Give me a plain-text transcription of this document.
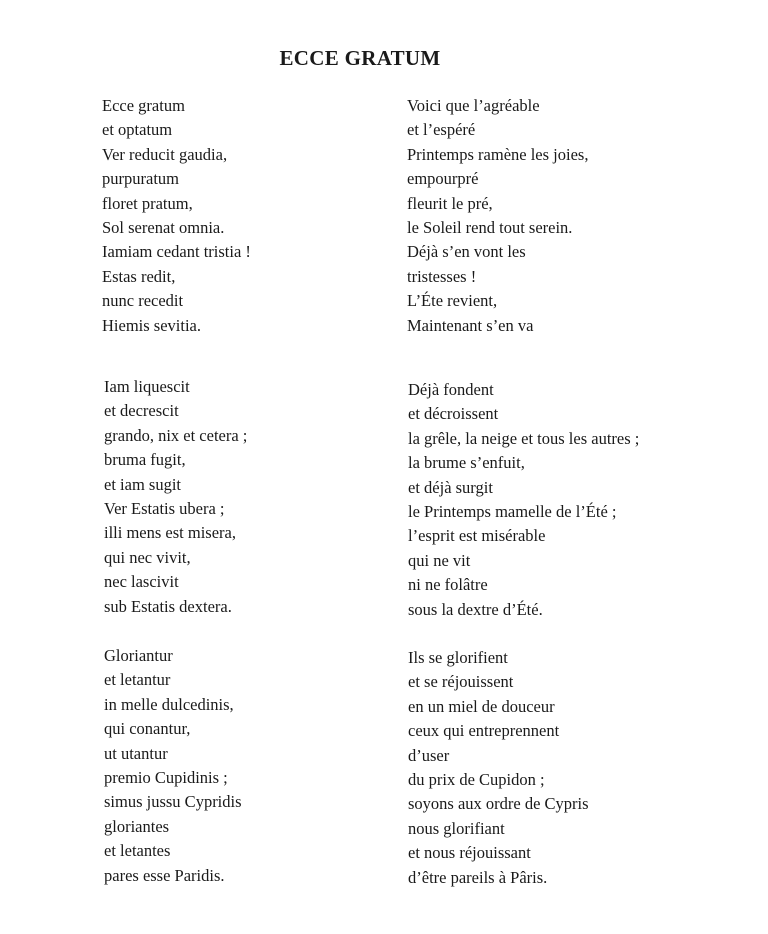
ECCE GRATUM
Ecce gratum
et optatum
Ver reducit gaudia,
purpuratum
floret pratum,
Sol serenat omnia.
Iamiam cedant tristia !
Estas redit,
nunc recedit
Hiemis sevitia.
Iam liquescit
et decrescit
grando, nix et cetera ;
bruma fugit,
et iam sugit
Ver Estatis ubera ;
illi mens est misera,
qui nec vivit,
nec lascivit
sub Estatis dextera.
Gloriantur
et letantur
in melle dulcedinis,
qui conantur,
ut utantur
premio Cupidinis ;
simus jussu Cypridis
gloriantes
et letantes
pares esse Paridis.
Voici que l’agréable
et l’espéré
Printemps ramène les joies,
empourpré
fleurit le pré,
le Soleil rend tout serein.
Déjà s’en vont les
tristesses !
L’Éte revient,
Maintenant s’en va
Déjà fondent
et décroissent
la grêle, la neige et tous les autres ;
la brume s’enfuit,
et déjà surgit
le Printemps mamelle de l’Été ;
l’esprit est misérable
qui ne vit
ni ne folâtre
sous la dextre d’Été.
Ils se glorifient
et se réjouissent
en un miel de douceur
ceux qui entreprennent
d’user
du prix de Cupidon ;
soyons aux ordre de Cypris
nous glorifiant
et nous réjouissant
d’être pareils à Pâris.
